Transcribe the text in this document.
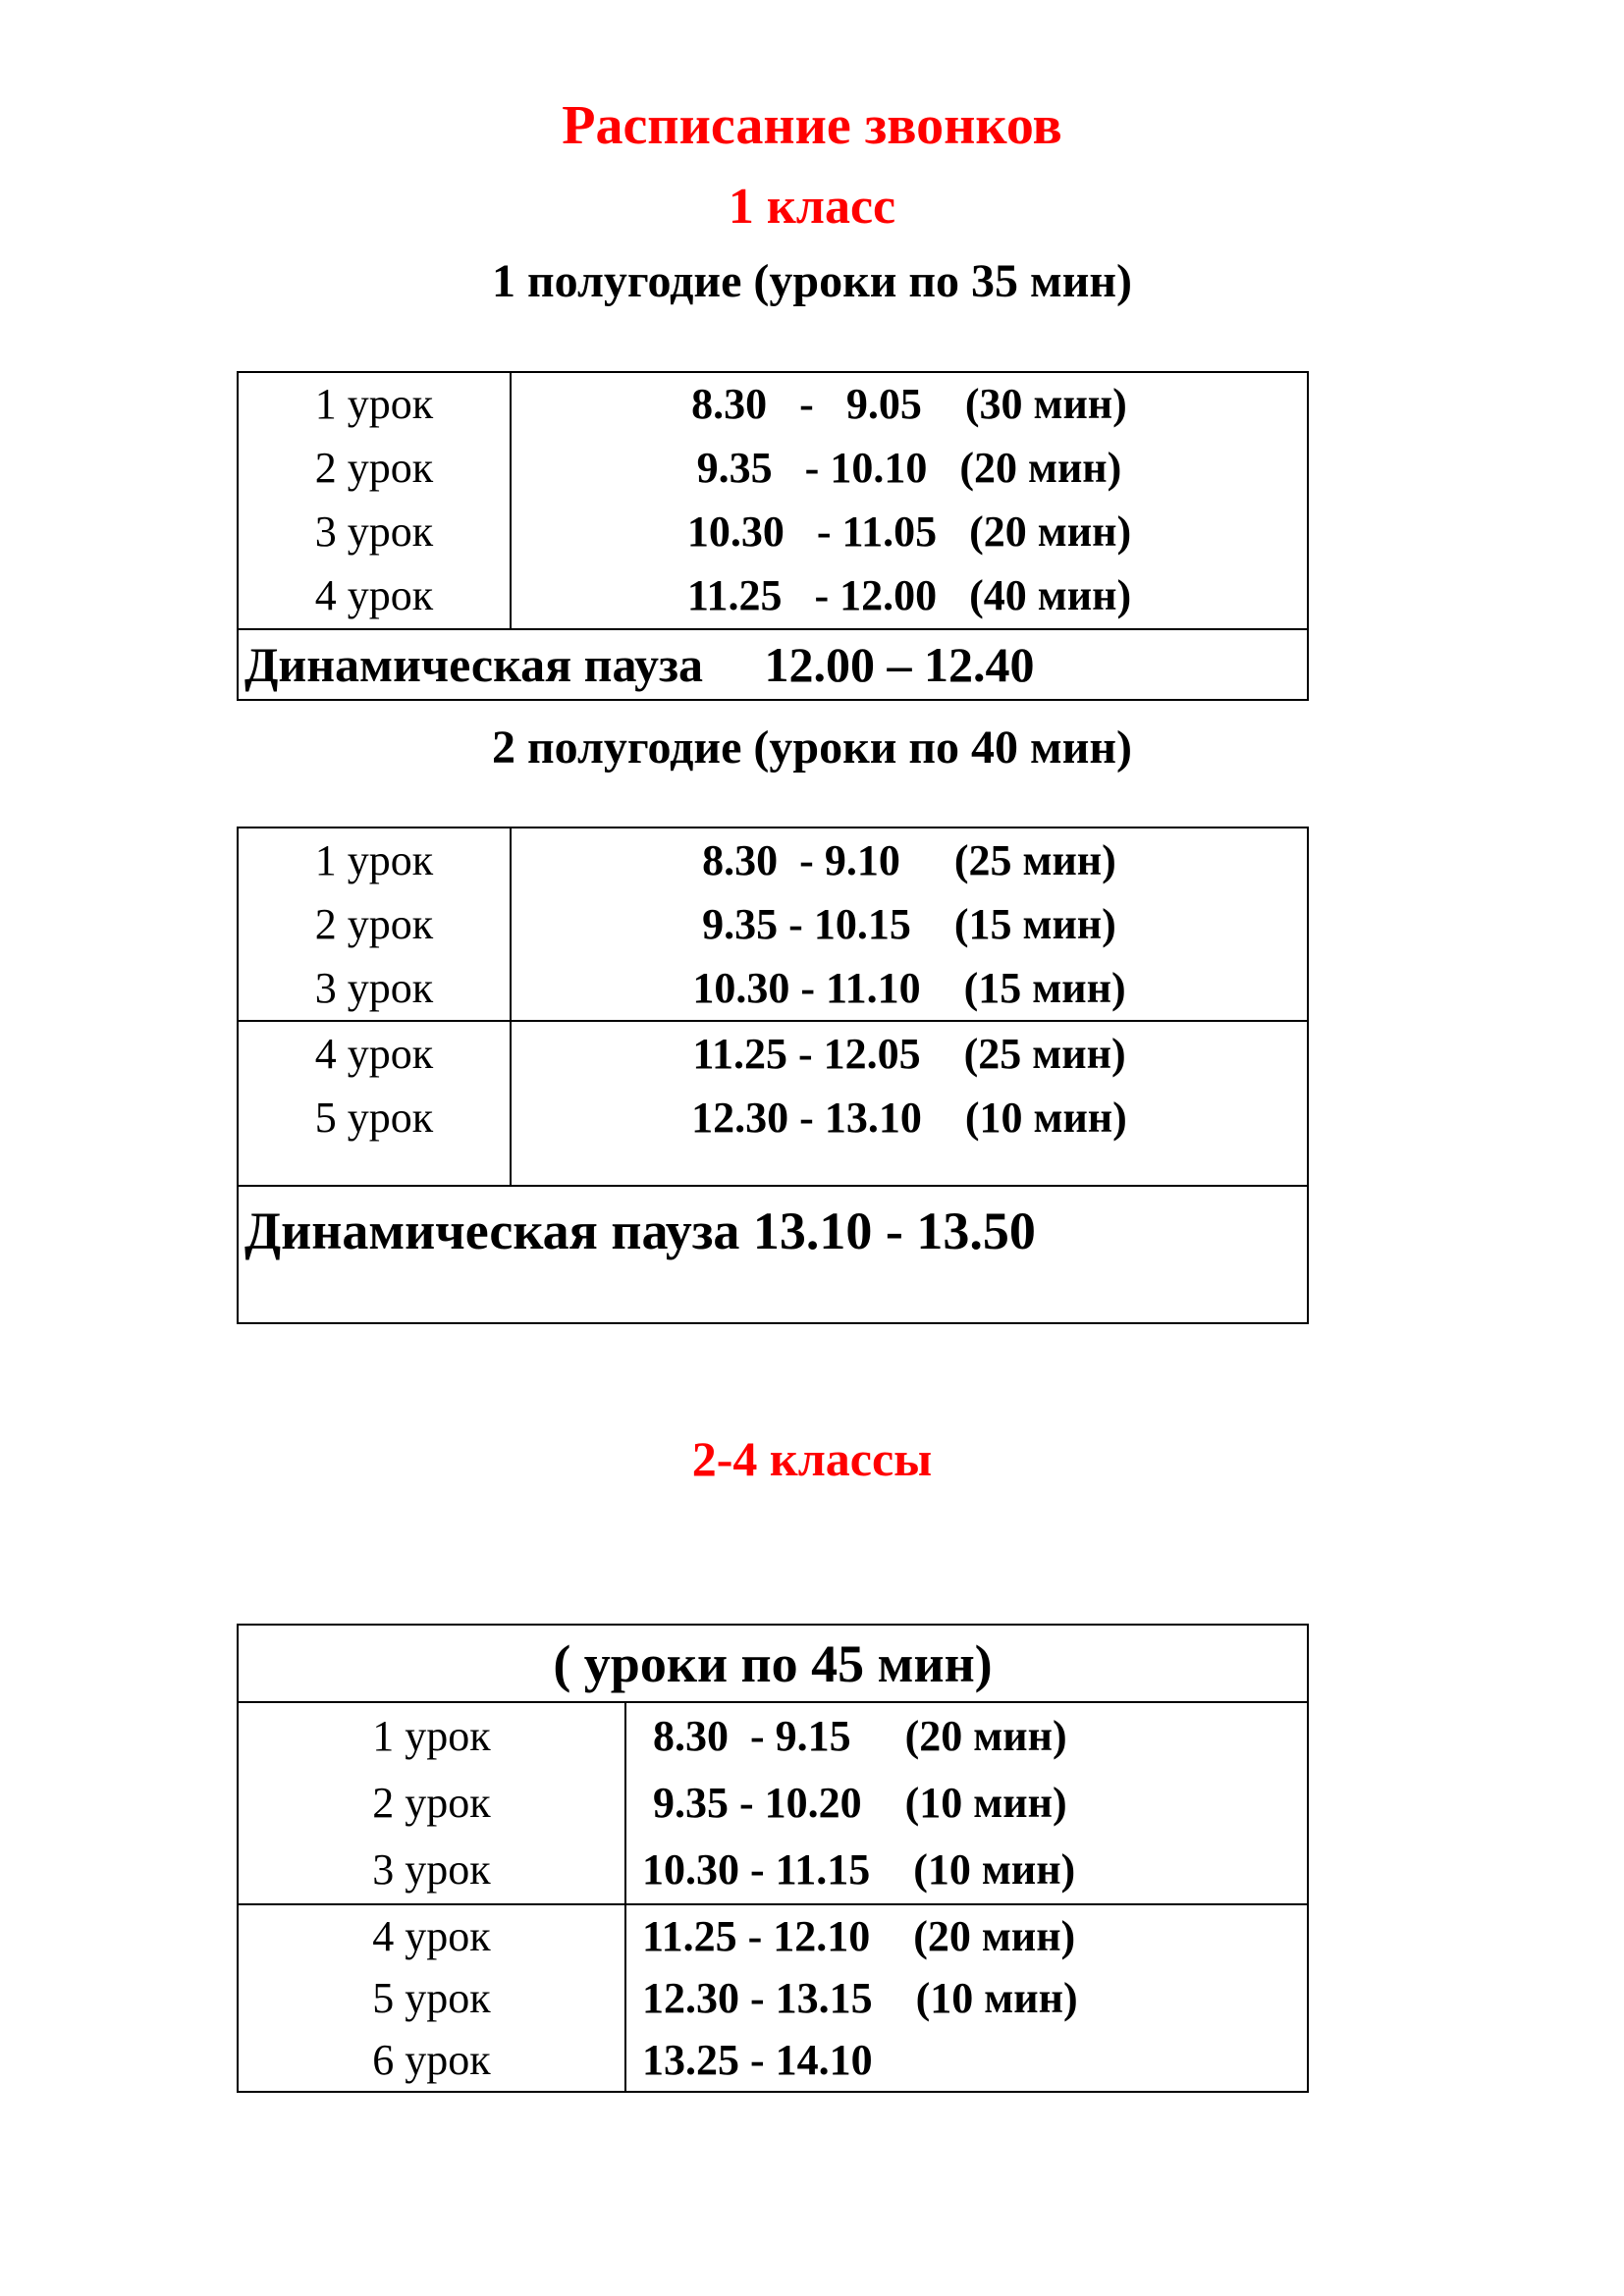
Расписание звонков
1 класс
1 полугодие (уроки по 35 мин)
1 урок
2 урок
3 урок
4 урок
8.30   -   9.05    (30 мин)
9.35   - 10.10   (20 мин)
10.30   - 11.05   (20 мин)
11.25   - 12.00   (40 мин)
Динамическая пауза     12.00 – 12.40
2 полугодие (уроки по 40 мин)
1 урок
2 урок
3 урок
8.30  - 9.10     (25 мин)
9.35 - 10.15    (15 мин)
10.30 - 11.10    (15 мин)
4 урок
5 урок
11.25 - 12.05    (25 мин)
12.30 - 13.10    (10 мин)
Динамическая пауза 13.10 - 13.50
2-4 классы
( уроки по 45 мин)
1 урок
2 урок
3 урок
8.30  - 9.15     (20 мин)
9.35 - 10.20    (10 мин)
10.30 - 11.15    (10 мин)
4 урок
5 урок
6 урок
11.25 - 12.10    (20 мин)
12.30 - 13.15    (10 мин)
13.25 - 14.10
